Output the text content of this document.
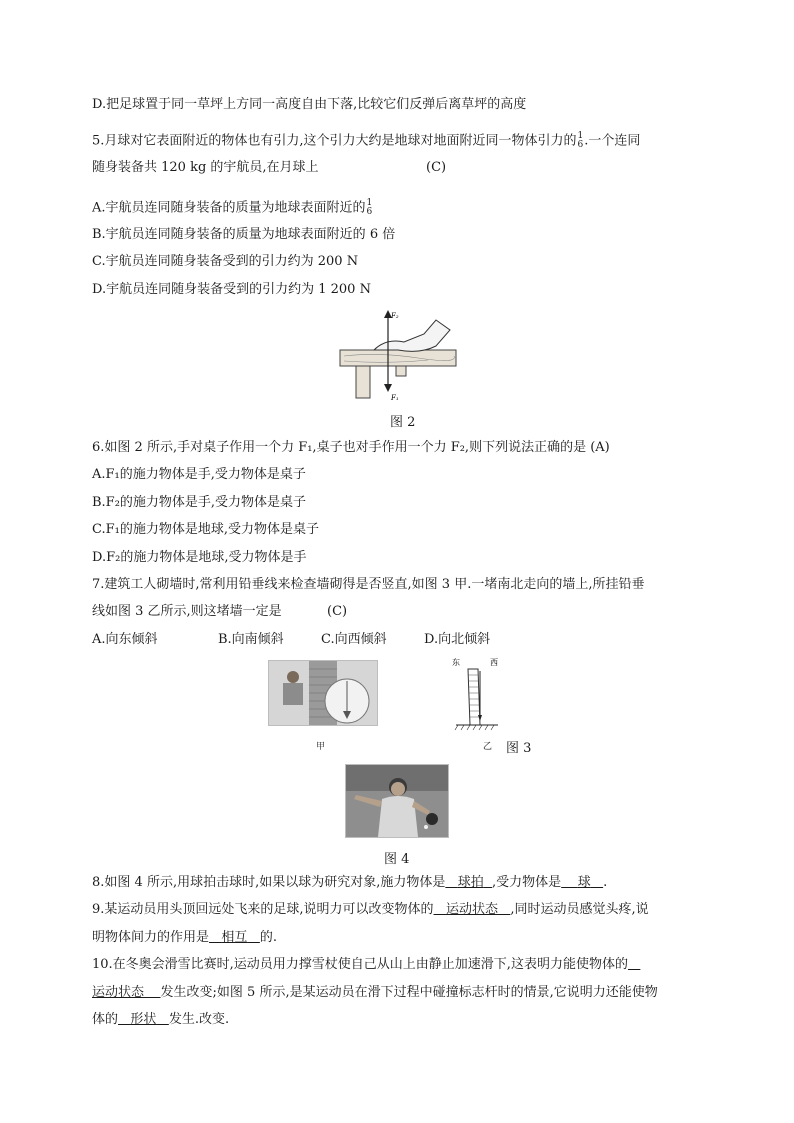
D.把足球置于同一草坪上方同一高度自由下落,比较它们反弹后离草坪的高度
5.月球对它表面附近的物体也有引力,这个引力大约是地球对地面附近同一物体引力的 1
6 .一个连同
随身装备共 120 kg 的宇航员,在月球上	(C)
A.宇航员连同随身装备的质量为地球表面附近的 1
6
B.宇航员连同随身装备的质量为地球表面附近的 6 倍
C.宇航员连同随身装备受到的引力约为 200 N
D.宇航员连同随身装备受到的引力约为 1 200 N
F₂
F₁
图 2
6.如图 2 所示,手对桌子作用一个力 F₁,桌子也对手作用一个力 F₂,则下列说法正确的是 (A)
A.F₁的施力物体是手,受力物体是桌子
B.F₂的施力物体是手,受力物体是桌子
C.F₁的施力物体是地球,受力物体是桌子
D.F₂的施力物体是地球,受力物体是手
7.建筑工人砌墙时,常利用铅垂线来检查墙砌得是否竖直,如图 3 甲.一堵南北走向的墙上,所挂铅垂
线如图 3 乙所示,则这堵墙一定是	(C)
A.向东倾斜	B.向南倾斜	C.向西倾斜	D.向北倾斜
甲
东	西
乙 图 3
图 4
8.如图 4 所示,用球拍击球时,如果以球为研究对象,施力物体是 球拍 ,受力物体是 球 .
9.某运动员用头顶回远处飞来的足球,说明力可以改变物体的 运动状态 ,同时运动员感觉头疼,说
明物体间力的作用是 相互 的.
10.在冬奥会滑雪比赛时,运动员用力撑雪杖使自己从山上由静止加速滑下,这表明力能使物体的
运动状态 发生改变;如图 5 所示,是某运动员在滑下过程中碰撞标志杆时的情景,它说明力还能使物
体的 形状 发生.改变.
